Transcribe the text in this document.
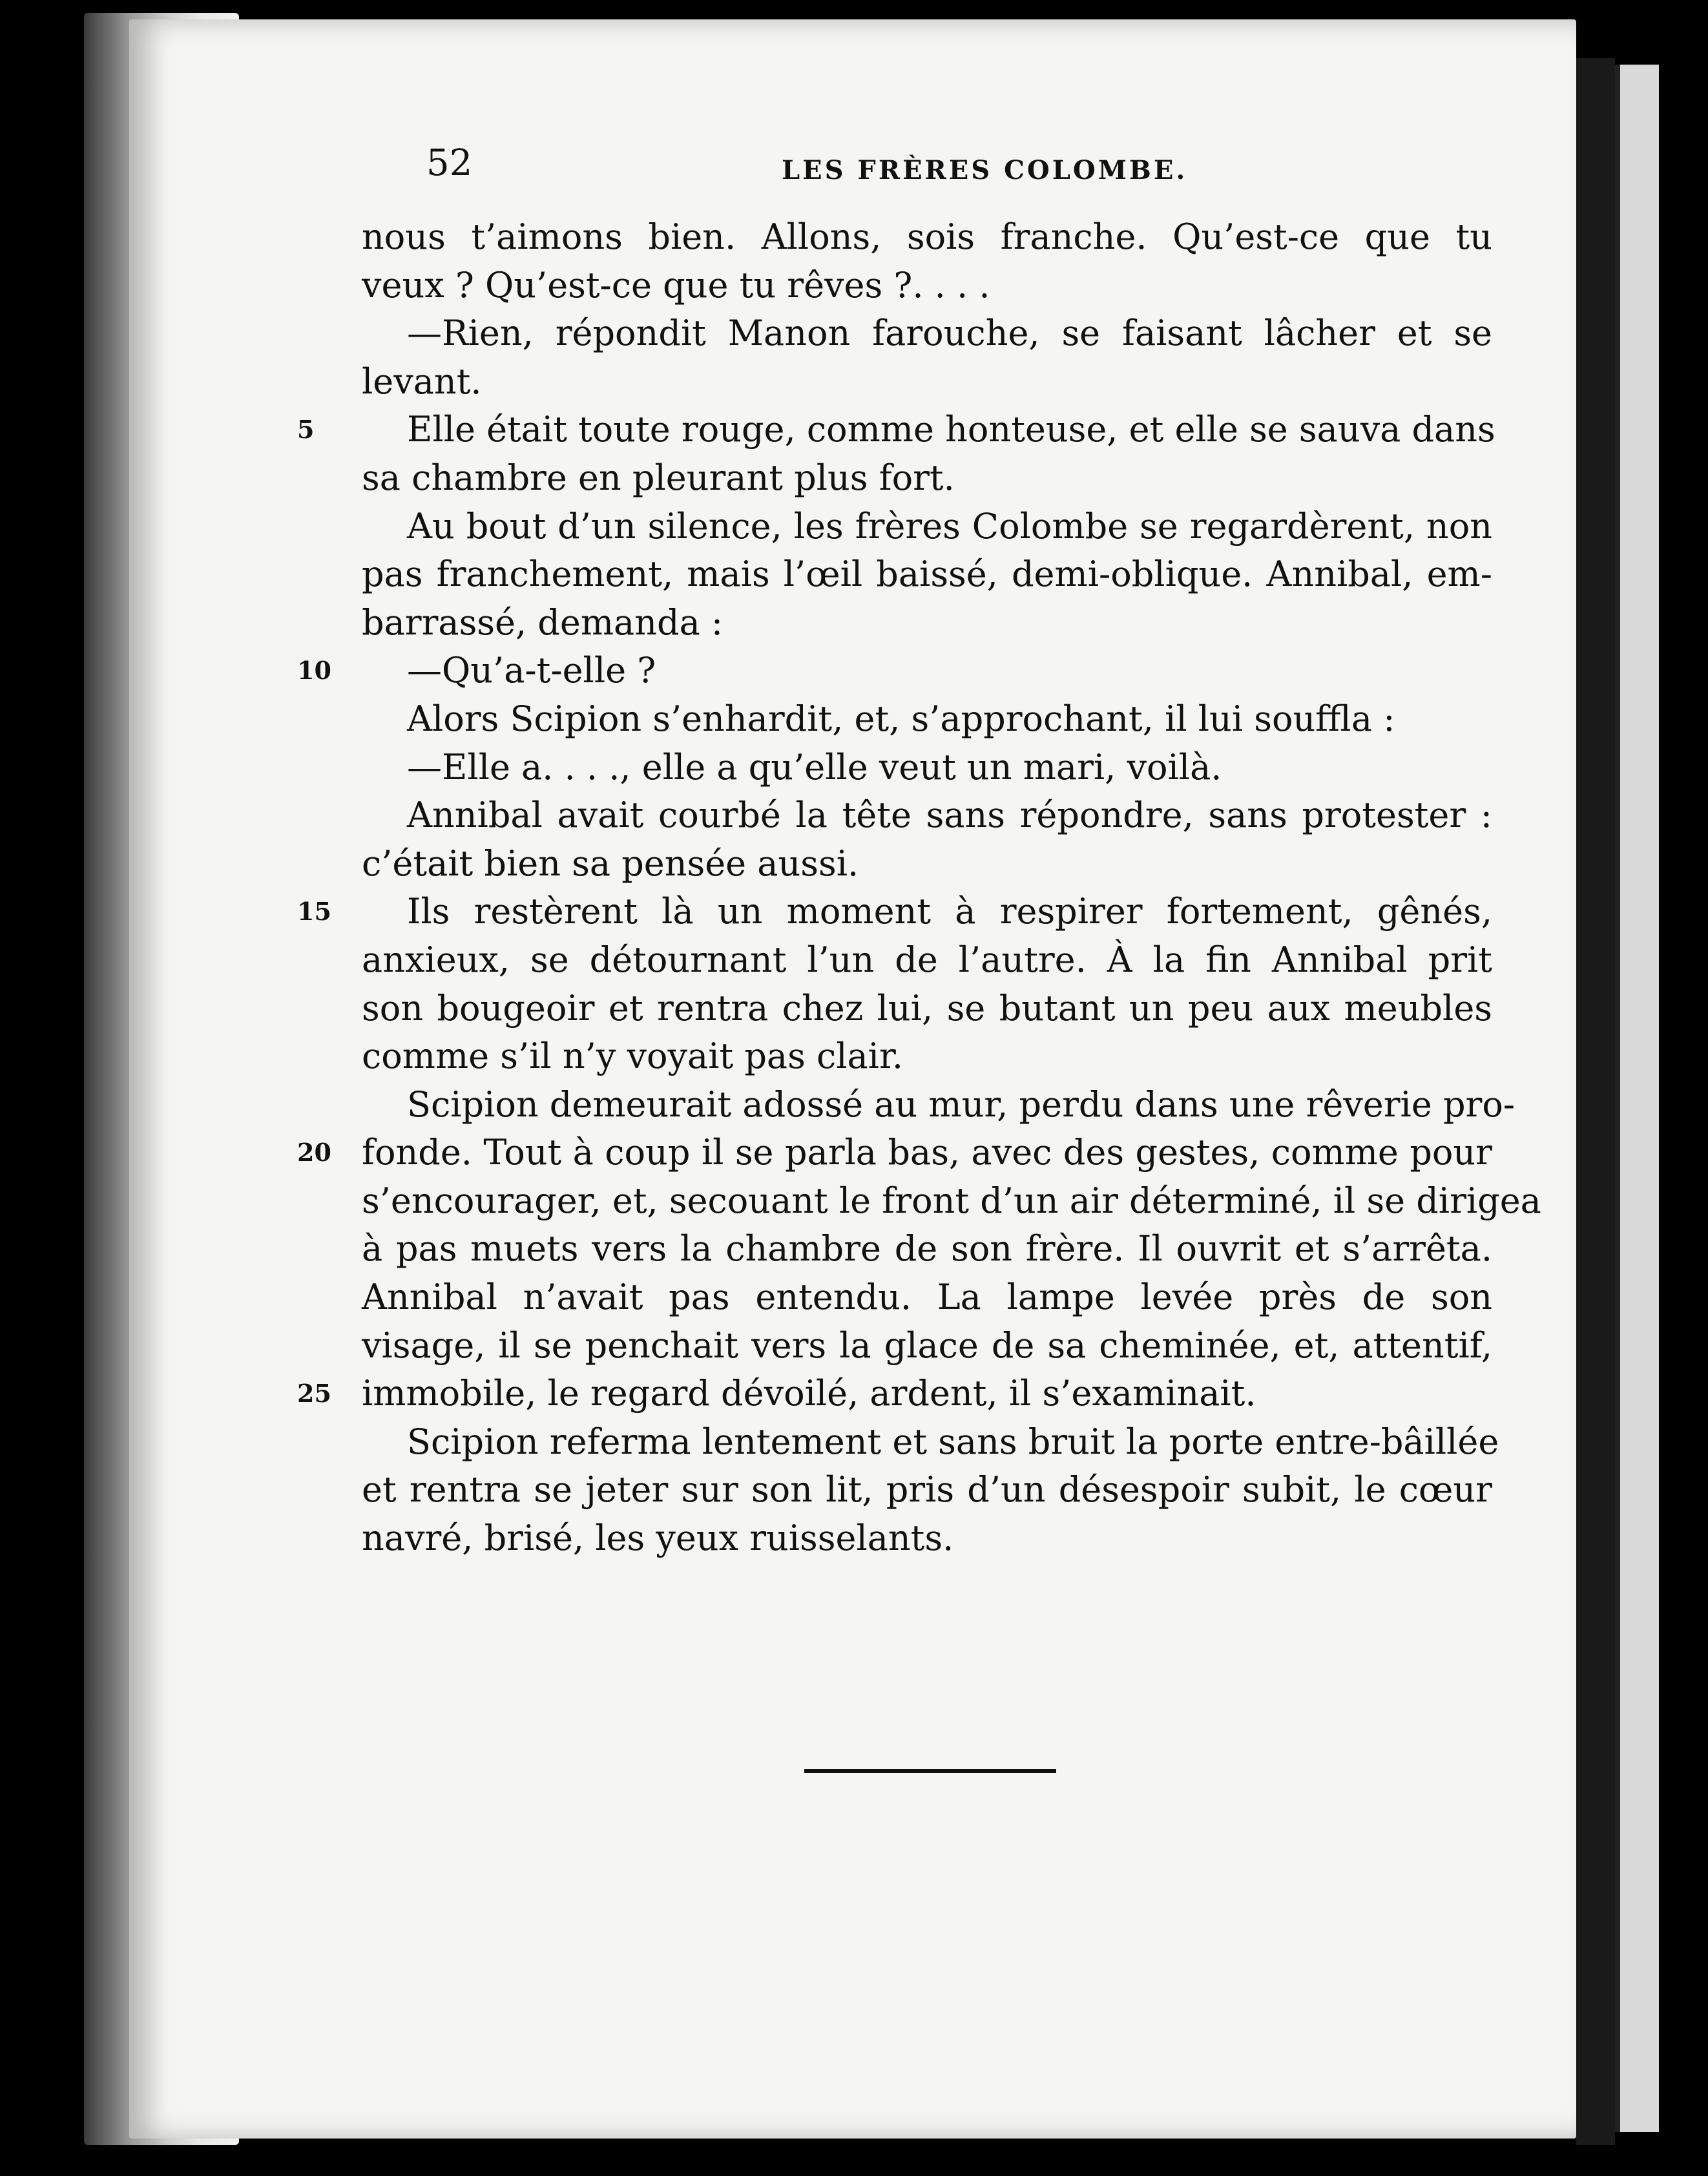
52	LES FRÈRES COLOMBE.
nous t’aimons bien. Allons, sois franche. Qu’est-ce que tu
veux ? Qu’est-ce que tu rêves ?. . . .
—Rien, répondit Manon farouche, se faisant lâcher et se
levant.
5	Elle était toute rouge, comme honteuse, et elle se sauva dans
sa chambre en pleurant plus fort.
Au bout d’un silence, les frères Colombe se regardèrent, non
pas franchement, mais l’œil baissé, demi-oblique. Annibal, em-
barrassé, demanda :
10	—Qu’a-t-elle ?
Alors Scipion s’enhardit, et, s’approchant, il lui souffla :
—Elle a. . . ., elle a qu’elle veut un mari, voilà.
Annibal avait courbé la tête sans répondre, sans protester :
c’était bien sa pensée aussi.
15	Ils restèrent là un moment à respirer fortement, gênés,
anxieux, se détournant l’un de l’autre. À la fin Annibal prit
son bougeoir et rentra chez lui, se butant un peu aux meubles
comme s’il n’y voyait pas clair.
Scipion demeurait adossé au mur, perdu dans une rêverie pro-
20 fonde. Tout à coup il se parla bas, avec des gestes, comme pour
s’encourager, et, secouant le front d’un air déterminé, il se dirigea
à pas muets vers la chambre de son frère. Il ouvrit et s’arrêta.
Annibal n’avait pas entendu. La lampe levée près de son
visage, il se penchait vers la glace de sa cheminée, et, attentif,
25 immobile, le regard dévoilé, ardent, il s’examinait.
Scipion referma lentement et sans bruit la porte entre-bâillée
et rentra se jeter sur son lit, pris d’un désespoir subit, le cœur
navré, brisé, les yeux ruisselants.
